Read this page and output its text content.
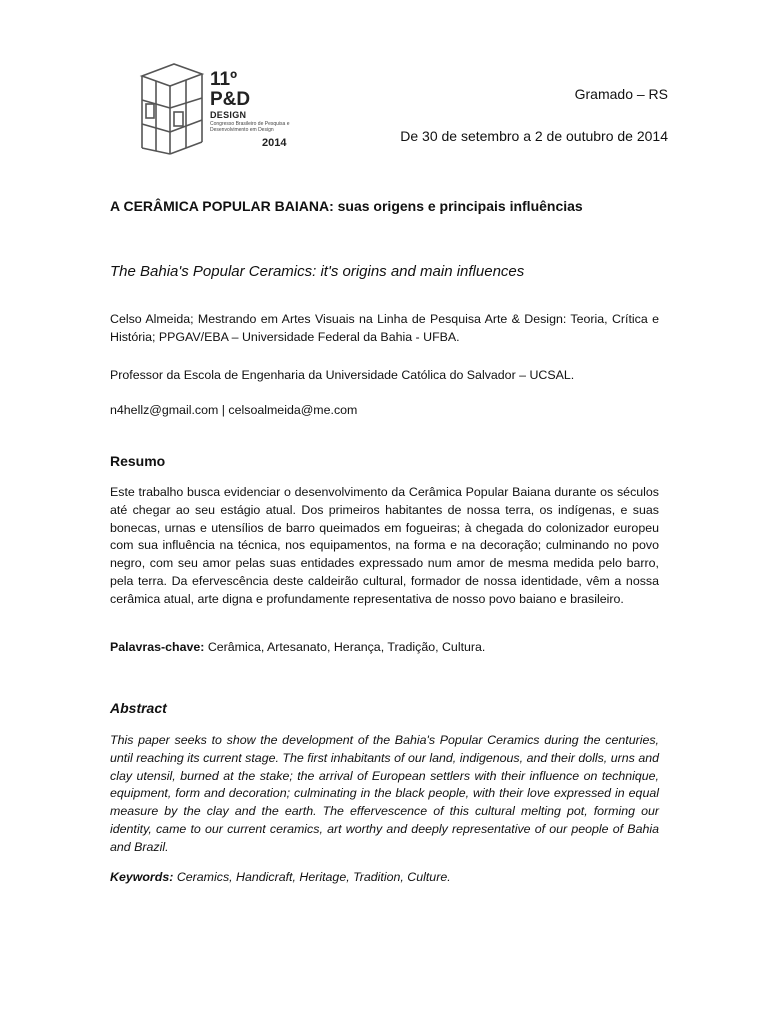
11º
P&D
DESIGN
Congresso Brasileiro de Pesquisa e Desenvolvimento em Design
2014
Gramado – RS
De 30 de setembro a 2 de outubro de 2014
A CERÂMICA POPULAR BAIANA: suas origens e principais influências
The Bahia's Popular Ceramics: it's origins and main influences

Celso Almeida; Mestrando em Artes Visuais na Linha de Pesquisa Arte & Design: Teoria, Crítica e História; PPGAV/EBA – Universidade Federal da Bahia - UFBA.

Professor da Escola de Engenharia da Universidade Católica do Salvador – UCSAL.

n4hellz@gmail.com | celsoalmeida@me.com

Resumo

Este trabalho busca evidenciar o desenvolvimento da Cerâmica Popular Baiana durante os séculos até chegar ao seu estágio atual. Dos primeiros habitantes de nossa terra, os indígenas, e suas bonecas, urnas e utensílios de barro queimados em fogueiras; à chegada do colonizador europeu com sua influência na técnica, nos equipamentos, na forma e na decoração; culminando no povo negro, com seu amor pelas suas entidades expressado num amor de mesma medida pelo barro, pela terra. Da efervescência deste caldeirão cultural, formador de nossa identidade, vêm a nossa cerâmica atual, arte digna e profundamente representativa de nosso povo baiano e brasileiro.

Palavras-chave: Cerâmica, Artesanato, Herança, Tradição, Cultura.

Abstract

This paper seeks to show the development of the Bahia's Popular Ceramics during the centuries, until reaching its current stage. The first inhabitants of our land, indigenous, and their dolls, urns and clay utensil, burned at the stake; the arrival of European settlers with their influence on technique, equipment, form and decoration; culminating in the black people, with their love expressed in equal measure by the clay and the earth. The effervescence of this cultural melting pot, forming our identity, came to our current ceramics, art worthy and deeply representative of our people of Bahia and Brazil.

Keywords: Ceramics, Handicraft, Heritage, Tradition, Culture.
